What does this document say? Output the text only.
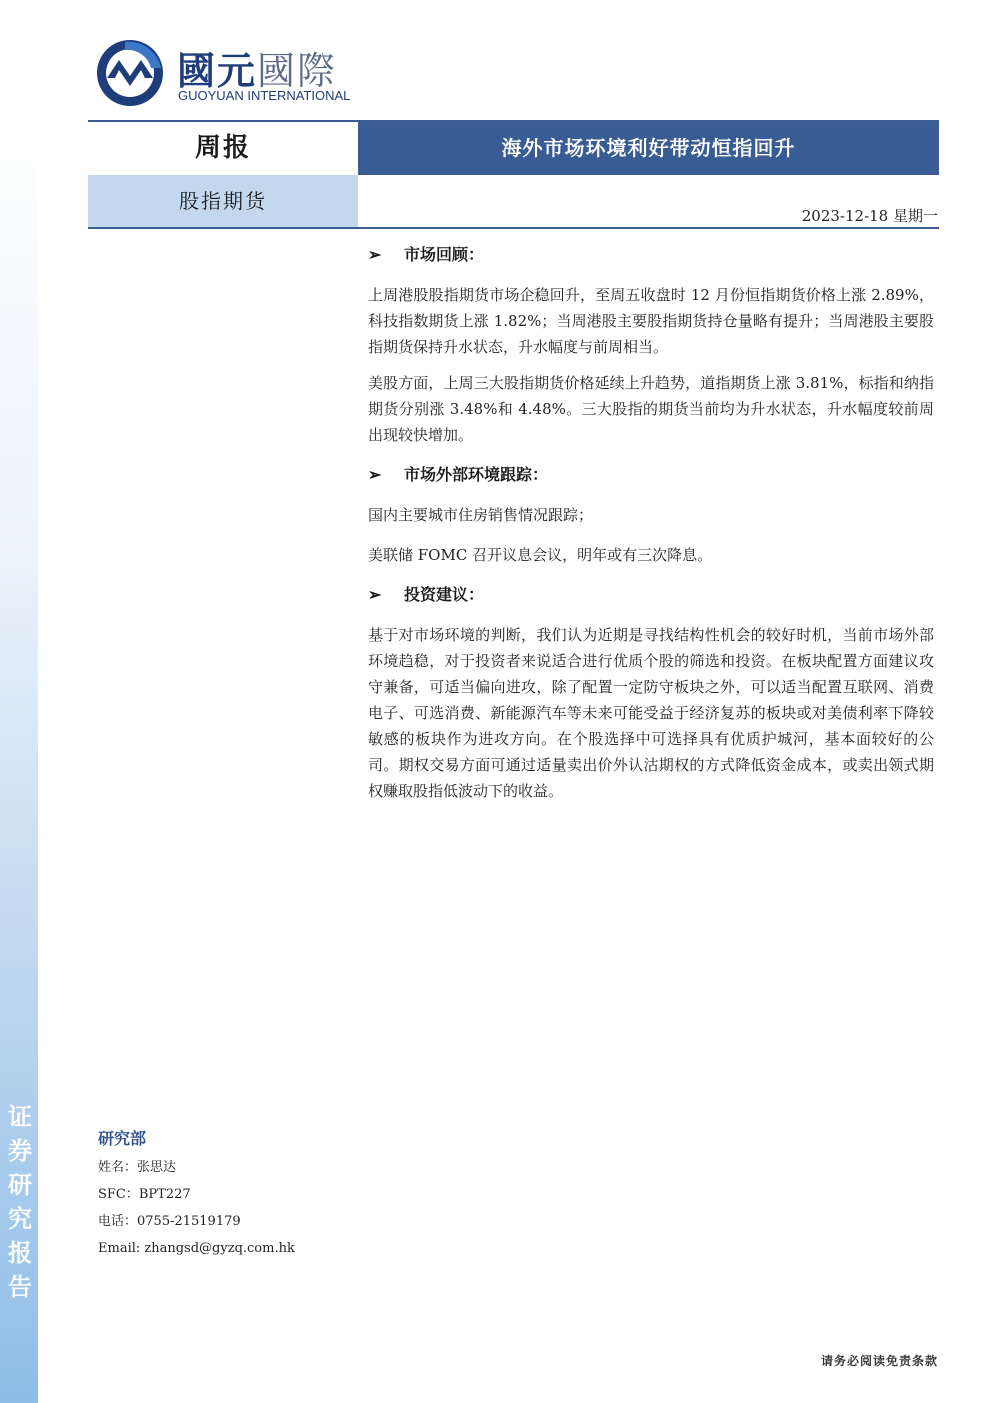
证
券
研
究
报
告
國元國際
GUOYUAN INTERNATIONAL
周报	海外市场环境利好带动恒指回升
股指期货
2023-12-18 星期一
➢ 市场回顾：

上周港股股指期货市场企稳回升，至周五收盘时 12 月份恒指期货价格上涨 2.89%，科技指数期货上涨 1.82%；当周港股主要股指期货持仓量略有提升；当周港股主要股指期货保持升水状态，升水幅度与前周相当。

美股方面，上周三大股指期货价格延续上升趋势，道指期货上涨 3.81%，标指和纳指期货分别涨 3.48%和 4.48%。三大股指的期货当前均为升水状态，升水幅度较前周出现较快增加。

➢ 市场外部环境跟踪：

国内主要城市住房销售情况跟踪；

美联储 FOMC 召开议息会议，明年或有三次降息。

➢ 投资建议：

基于对市场环境的判断，我们认为近期是寻找结构性机会的较好时机，当前市场外部环境趋稳，对于投资者来说适合进行优质个股的筛选和投资。在板块配置方面建议攻守兼备，可适当偏向进攻，除了配置一定防守板块之外，可以适当配置互联网、消费电子、可选消费、新能源汽车等未来可能受益于经济复苏的板块或对美债利率下降较敏感的板块作为进攻方向。在个股选择中可选择具有优质护城河，基本面较好的公司。期权交易方面可通过适量卖出价外认沽期权的方式降低资金成本，或卖出领式期权赚取股指低波动下的收益。

研究部
姓名：张思达
SFC：BPT227
电话：0755-21519179
Email: zhangsd@gyzq.com.hk
请务必阅读免责条款
